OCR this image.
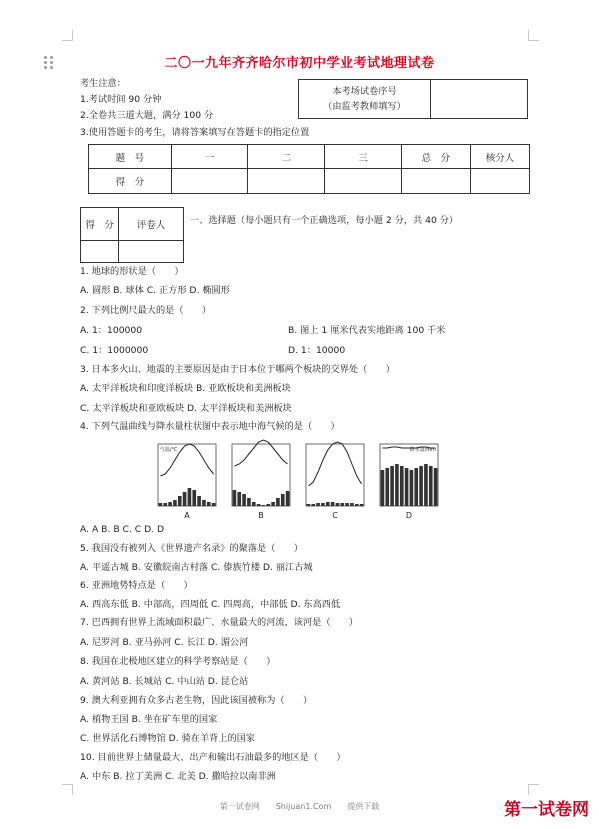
二〇一九年齐齐哈尔市初中学业考试地理试卷
考生注意：
1.考试时间 90 分钟
2.全卷共三道大题，满分 100 分
3.使用答题卡的考生，请将答案填写在答题卡的指定位置
本考场试卷序号
（由监考教师填写）
题　号	一	二	三	总　分	核分人
得　分					
得　分	评卷人
		一、选择题（每小题只有一个正确选项，每小题 2 分，共 40 分）
1. 地球的形状是（　　）
A. 圆形 B. 球体 C. 正方形 D. 椭圆形
2. 下列比例尺最大的是（　　）
A. 1：100000	B. 图上 1 厘米代表实地距离 100 千米
C. 1：1000000	D. 1：10000
3. 日本多火山、地震的主要原因是由于日本位于哪两个板块的交界处（　　）
A. 太平洋板块和印度洋板块 B. 亚欧板块和美洲板块
C. 太平洋板块和亚欧板块 D. 太平洋板块和美洲板块
4. 下列气温曲线与降水量柱状图中表示地中海气候的是（　　）
A
气温/℃
B	C	D
降水量/mm
A. A B. B C. C D. D
5. 我国没有被列入《世界遗产名录》的聚落是（　　）
A. 平遥古城 B. 安徽皖南古村落 C. 傣族竹楼 D. 丽江古城
6. 亚洲地势特点是（　　）
A. 西高东低 B. 中部高，四周低 C. 四周高，中部低 D. 东高西低
7. 巴西拥有世界上流域面积最广、水量最大的河流，该河是（　　）
A. 尼罗河 B. 亚马孙河 C. 长江 D. 湄公河
8. 我国在北极地区建立的科学考察站是（　　）
A. 黄河站 B. 长城站 C. 中山站 D. 昆仑站
9. 澳大利亚拥有众多古老生物，因此该国被称为（　　）
A. 植物王国 B. 坐在矿车里的国家
C. 世界活化石博物馆 D. 骑在羊背上的国家
10. 目前世界上储量最大、出产和输出石油最多的地区是（　　）
A. 中东 B. 拉丁美洲 C. 北美 D. 撒哈拉以南非洲
第一试卷网　　Shijuan1.Com　　提供下载	第一试卷网
